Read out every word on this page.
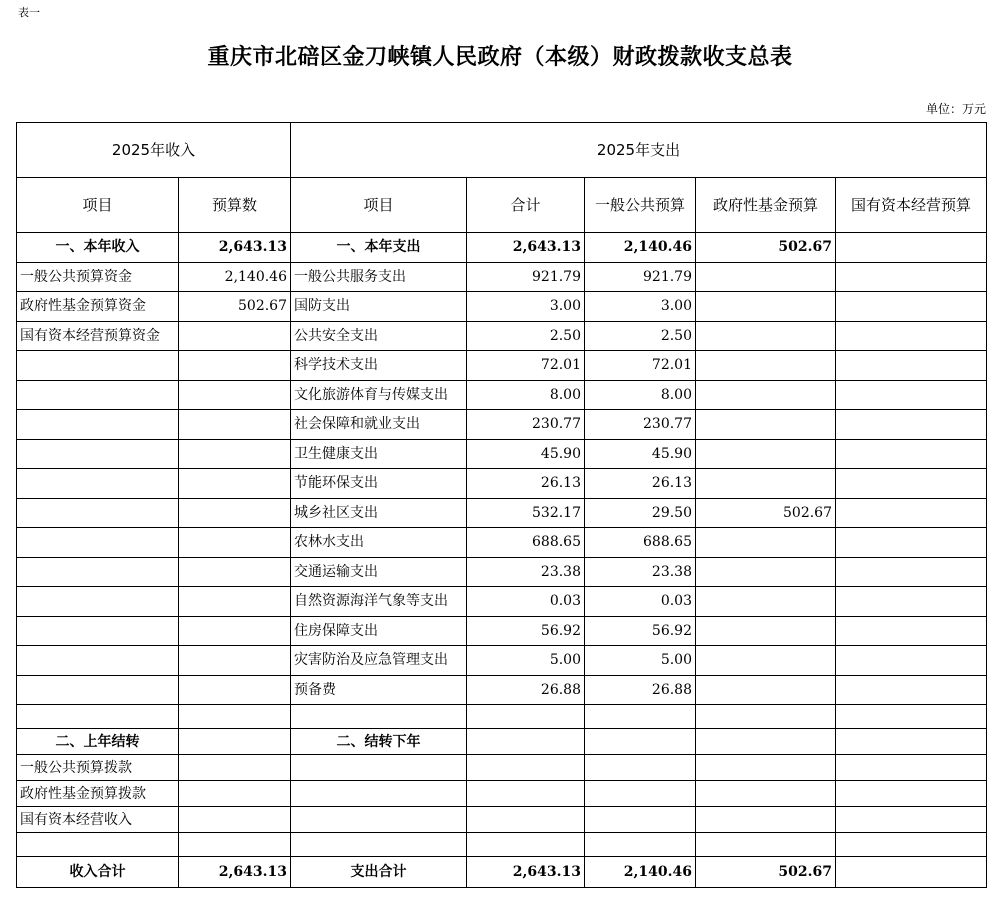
表一
重庆市北碚区金刀峡镇人民政府（本级）财政拨款收支总表
单位：万元
2025年收入		2025年支出				
项目	预算数	项目	合计	一般公共预算	政府性基金预算	国有资本经营预算
一、本年收入	2,643.13	一、本年支出	2,643.13	2,140.46	502.67	
一般公共预算资金	2,140.46	一般公共服务支出	921.79	921.79		
政府性基金预算资金	502.67	国防支出	3.00	3.00		
国有资本经营预算资金		公共安全支出	2.50	2.50		
		科学技术支出	72.01	72.01		
		文化旅游体育与传媒支出	8.00	8.00		
		社会保障和就业支出	230.77	230.77		
		卫生健康支出	45.90	45.90		
		节能环保支出	26.13	26.13		
		城乡社区支出	532.17	29.50	502.67	
		农林水支出	688.65	688.65		
		交通运输支出	23.38	23.38		
		自然资源海洋气象等支出	0.03	0.03		
		住房保障支出	56.92	56.92		
		灾害防治及应急管理支出	5.00	5.00		
		预备费	26.88	26.88		

二、上年结转		二、结转下年				
一般公共预算拨款						
政府性基金预算拨款						
国有资本经营收入						

收入合计	2,643.13	支出合计	2,643.13	2,140.46	502.67	
